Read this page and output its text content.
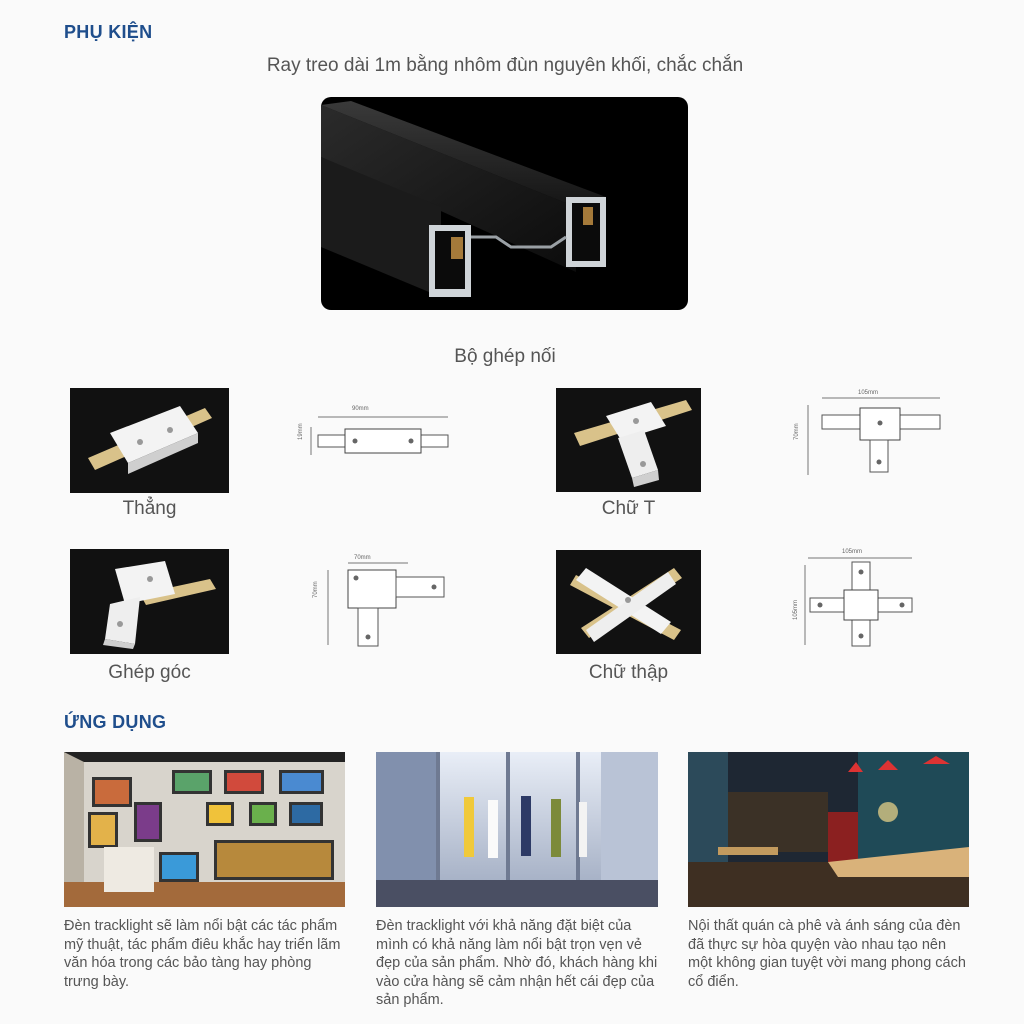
PHỤ KIỆN
Ray treo dài 1m bằng nhôm đùn nguyên khối, chắc chắn
Bộ ghép nối
90mm
19mm
Thẳng
105mm
70mm
Chữ T
70mm
70mm
Ghép góc
105mm
105mm
Chữ thập
ỨNG DỤNG
Đèn tracklight sẽ làm nổi bật các tác phẩm mỹ thuật, tác phẩm điêu khắc hay triển lãm văn hóa trong các bảo tàng hay phòng trưng bày.
Đèn tracklight với khả năng đặt biệt của mình có khả năng làm nổi bật trọn vẹn vẻ đẹp của sản phẩm. Nhờ đó, khách hàng khi vào cửa hàng sẽ cảm nhận hết cái đẹp của sản phẩm.
Nội thất quán cà phê và ánh sáng của đèn đã thực sự hòa quyện vào nhau tạo nên một không gian tuyệt vời mang phong cách cổ điển.
